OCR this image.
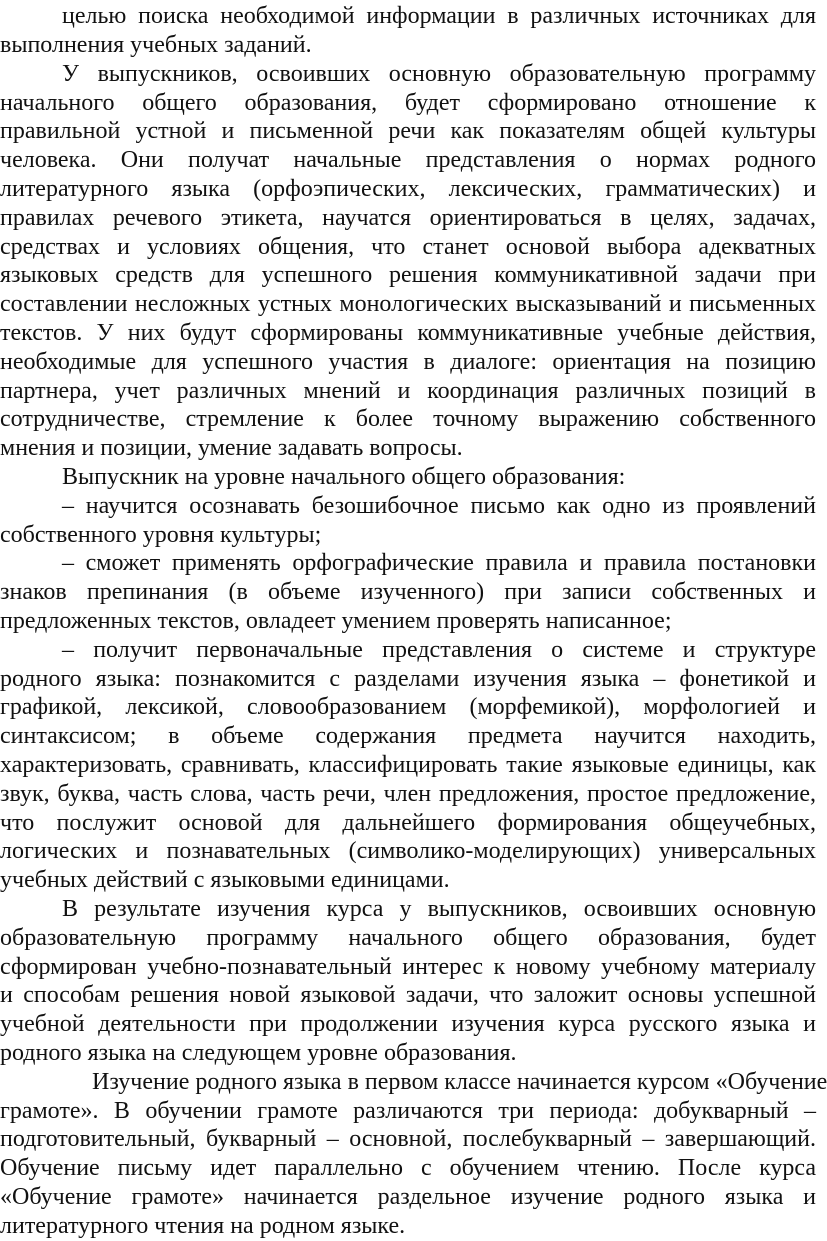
целью поиска необходимой информации в различных источниках для
выполнения учебных заданий.
У выпускников, освоивших основную образовательную программу
начального общего образования, будет сформировано отношение к
правильной устной и письменной речи как показателям общей культуры
человека. Они получат начальные представления о нормах родного
литературного языка (орфоэпических, лексических, грамматических) и
правилах речевого этикета, научатся ориентироваться в целях, задачах,
средствах и условиях общения, что станет основой выбора адекватных
языковых средств для успешного решения коммуникативной задачи при
составлении несложных устных монологических высказываний и письменных
текстов. У них будут сформированы коммуникативные учебные действия,
необходимые для успешного участия в диалоге: ориентация на позицию
партнера, учет различных мнений и координация различных позиций в
сотрудничестве, стремление к более точному выражению собственного
мнения и позиции, умение задавать вопросы.
Выпускник на уровне начального общего образования:
– научится осознавать безошибочное письмо как одно из проявлений
собственного уровня культуры;
– сможет применять орфографические правила и правила постановки
знаков препинания (в объеме изученного) при записи собственных и
предложенных текстов, овладеет умением проверять написанное;
– получит первоначальные представления о системе и структуре
родного языка: познакомится с разделами изучения языка – фонетикой и
графикой, лексикой, словообразованием (морфемикой), морфологией и
синтаксисом; в объеме содержания предмета научится находить,
характеризовать, сравнивать, классифицировать такие языковые единицы, как
звук, буква, часть слова, часть речи, член предложения, простое предложение,
что послужит основой для дальнейшего формирования общеучебных,
логических и познавательных (символико-моделирующих) универсальных
учебных действий с языковыми единицами.
В результате изучения курса у выпускников, освоивших основную
образовательную программу начального общего образования, будет
сформирован учебно-познавательный интерес к новому учебному материалу
и способам решения новой языковой задачи, что заложит основы успешной
учебной деятельности при продолжении изучения курса русского языка и
родного языка на следующем уровне образования.
Изучение родного языка в первом классе начинается курсом «Обучение
грамоте». В обучении грамоте различаются три периода: добукварный –
подготовительный, букварный – основной, послебукварный – завершающий.
Обучение письму идет параллельно с обучением чтению. После курса
«Обучение грамоте» начинается раздельное изучение родного языка и
литературного чтения на родном языке.
